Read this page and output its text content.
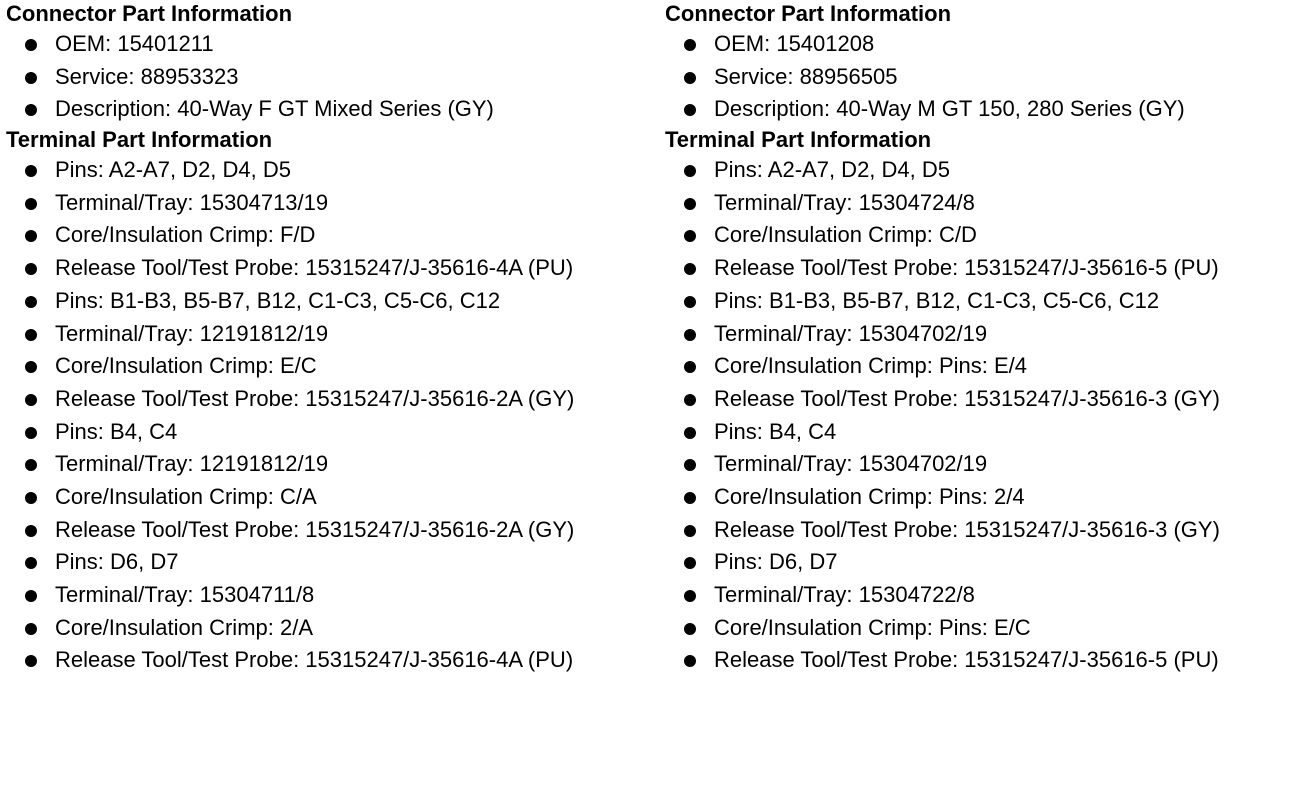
Connector Part Information
OEM: 15401211
Service: 88953323
Description: 40-Way F GT Mixed Series (GY)
Terminal Part Information
Pins: A2-A7, D2, D4, D5
Terminal/Tray: 15304713/19
Core/Insulation Crimp: F/D
Release Tool/Test Probe: 15315247/J-35616-4A (PU)
Pins: B1-B3, B5-B7, B12, C1-C3, C5-C6, C12
Terminal/Tray: 12191812/19
Core/Insulation Crimp: E/C
Release Tool/Test Probe: 15315247/J-35616-2A (GY)
Pins: B4, C4
Terminal/Tray: 12191812/19
Core/Insulation Crimp: C/A
Release Tool/Test Probe: 15315247/J-35616-2A (GY)
Pins: D6, D7
Terminal/Tray: 15304711/8
Core/Insulation Crimp: 2/A
Release Tool/Test Probe: 15315247/J-35616-4A (PU)
Connector Part Information
OEM: 15401208
Service: 88956505
Description: 40-Way M GT 150, 280 Series (GY)
Terminal Part Information
Pins: A2-A7, D2, D4, D5
Terminal/Tray: 15304724/8
Core/Insulation Crimp: C/D
Release Tool/Test Probe: 15315247/J-35616-5 (PU)
Pins: B1-B3, B5-B7, B12, C1-C3, C5-C6, C12
Terminal/Tray: 15304702/19
Core/Insulation Crimp: Pins: E/4
Release Tool/Test Probe: 15315247/J-35616-3 (GY)
Pins: B4, C4
Terminal/Tray: 15304702/19
Core/Insulation Crimp: Pins: 2/4
Release Tool/Test Probe: 15315247/J-35616-3 (GY)
Pins: D6, D7
Terminal/Tray: 15304722/8
Core/Insulation Crimp: Pins: E/C
Release Tool/Test Probe: 15315247/J-35616-5 (PU)
